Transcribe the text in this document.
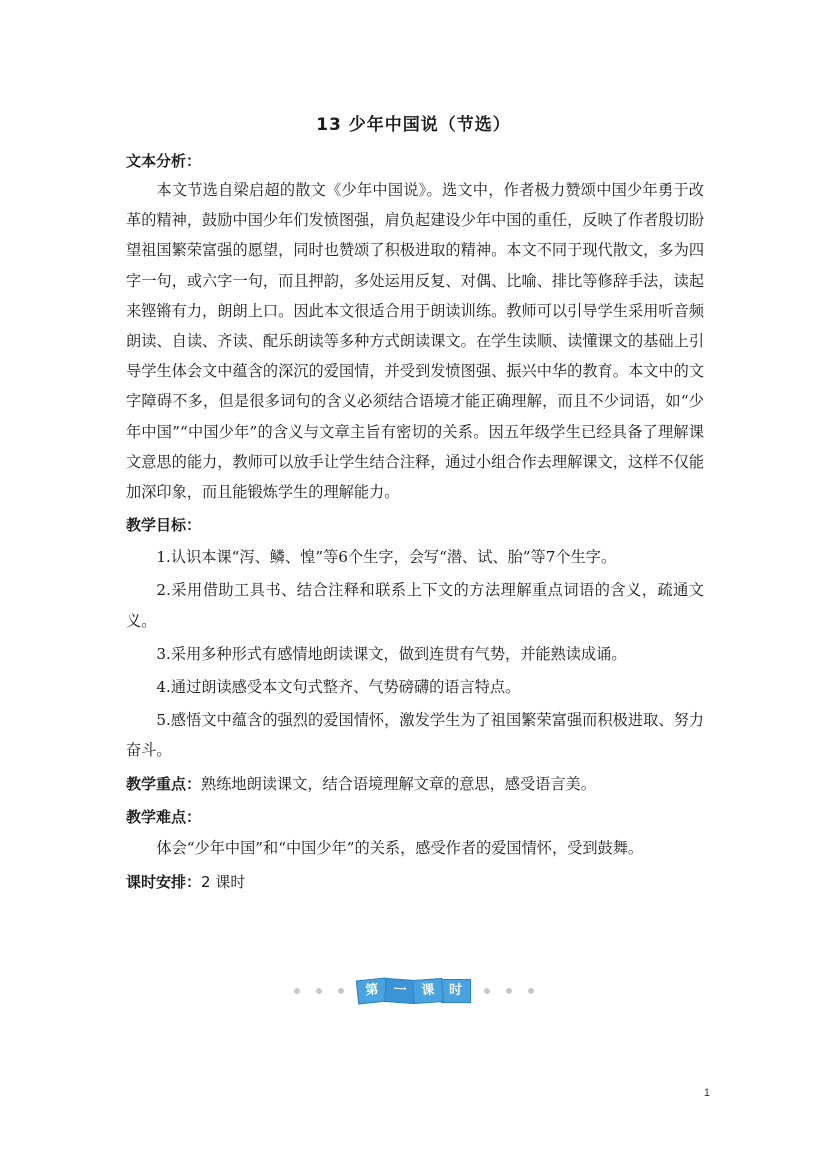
13 少年中国说（节选）

文本分析：

本文节选自梁启超的散文《少年中国说》。选文中，作者极力赞颂中国少年勇于改革的精神，鼓励中国少年们发愤图强，肩负起建设少年中国的重任，反映了作者殷切盼望祖国繁荣富强的愿望，同时也赞颂了积极进取的精神。本文不同于现代散文，多为四字一句，或六字一句，而且押韵，多处运用反复、对偶、比喻、排比等修辞手法，读起来铿锵有力，朗朗上口。因此本文很适合用于朗读训练。教师可以引导学生采用听音频朗读、自读、齐读、配乐朗读等多种方式朗读课文。在学生读顺、读懂课文的基础上引导学生体会文中蕴含的深沉的爱国情，并受到发愤图强、振兴中华的教育。本文中的文字障碍不多，但是很多词句的含义必须结合语境才能正确理解，而且不少词语，如“少年中国”“中国少年”的含义与文章主旨有密切的关系。因五年级学生已经具备了理解课文意思的能力，教师可以放手让学生结合注释，通过小组合作去理解课文，这样不仅能加深印象，而且能锻炼学生的理解能力。

教学目标：

1.认识本课“泻、鳞、惶”等6个生字，会写“潜、试、胎”等7个生字。

2.采用借助工具书、结合注释和联系上下文的方法理解重点词语的含义，疏通文义。

3.采用多种形式有感情地朗读课文，做到连贯有气势，并能熟读成诵。

4.通过朗读感受本文句式整齐、气势磅礴的语言特点。

5.感悟文中蕴含的强烈的爱国情怀，激发学生为了祖国繁荣富强而积极进取、努力奋斗。

教学重点：熟练地朗读课文，结合语境理解文章的意思，感受语言美。

教学难点：

体会“少年中国”和“中国少年”的关系，感受作者的爱国情怀，受到鼓舞。

课时安排：2 课时
第	一	课	时
1
